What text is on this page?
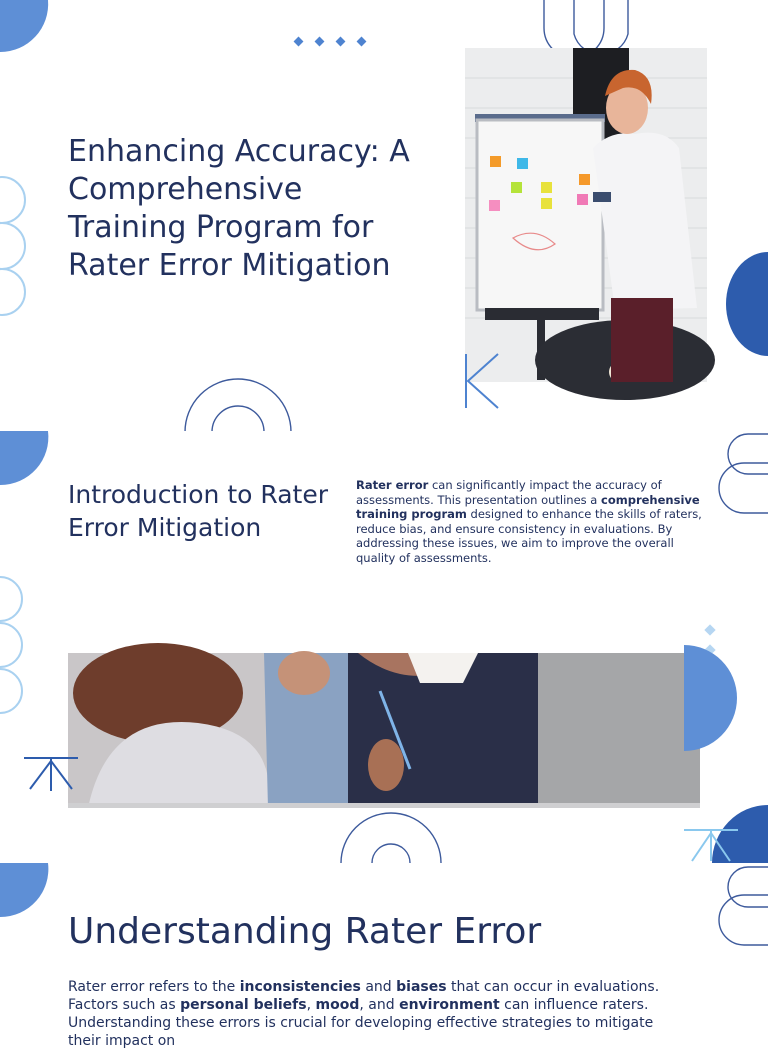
Enhancing Accuracy: A Comprehensive Training Program for Rater Error Mitigation
Introduction to Rater Error Mitigation

Rater error can significantly impact the accuracy of assessments. This presentation outlines a comprehensive training program designed to enhance the skills of raters, reduce bias, and ensure consistency in evaluations. By addressing these issues, we aim to improve the overall quality of assessments.

Understanding Rater Error

Rater error refers to the inconsistencies and biases that can occur in evaluations. Factors such as personal beliefs, mood, and environment can influence raters. Understanding these errors is crucial for developing effective strategies to mitigate their impact on
